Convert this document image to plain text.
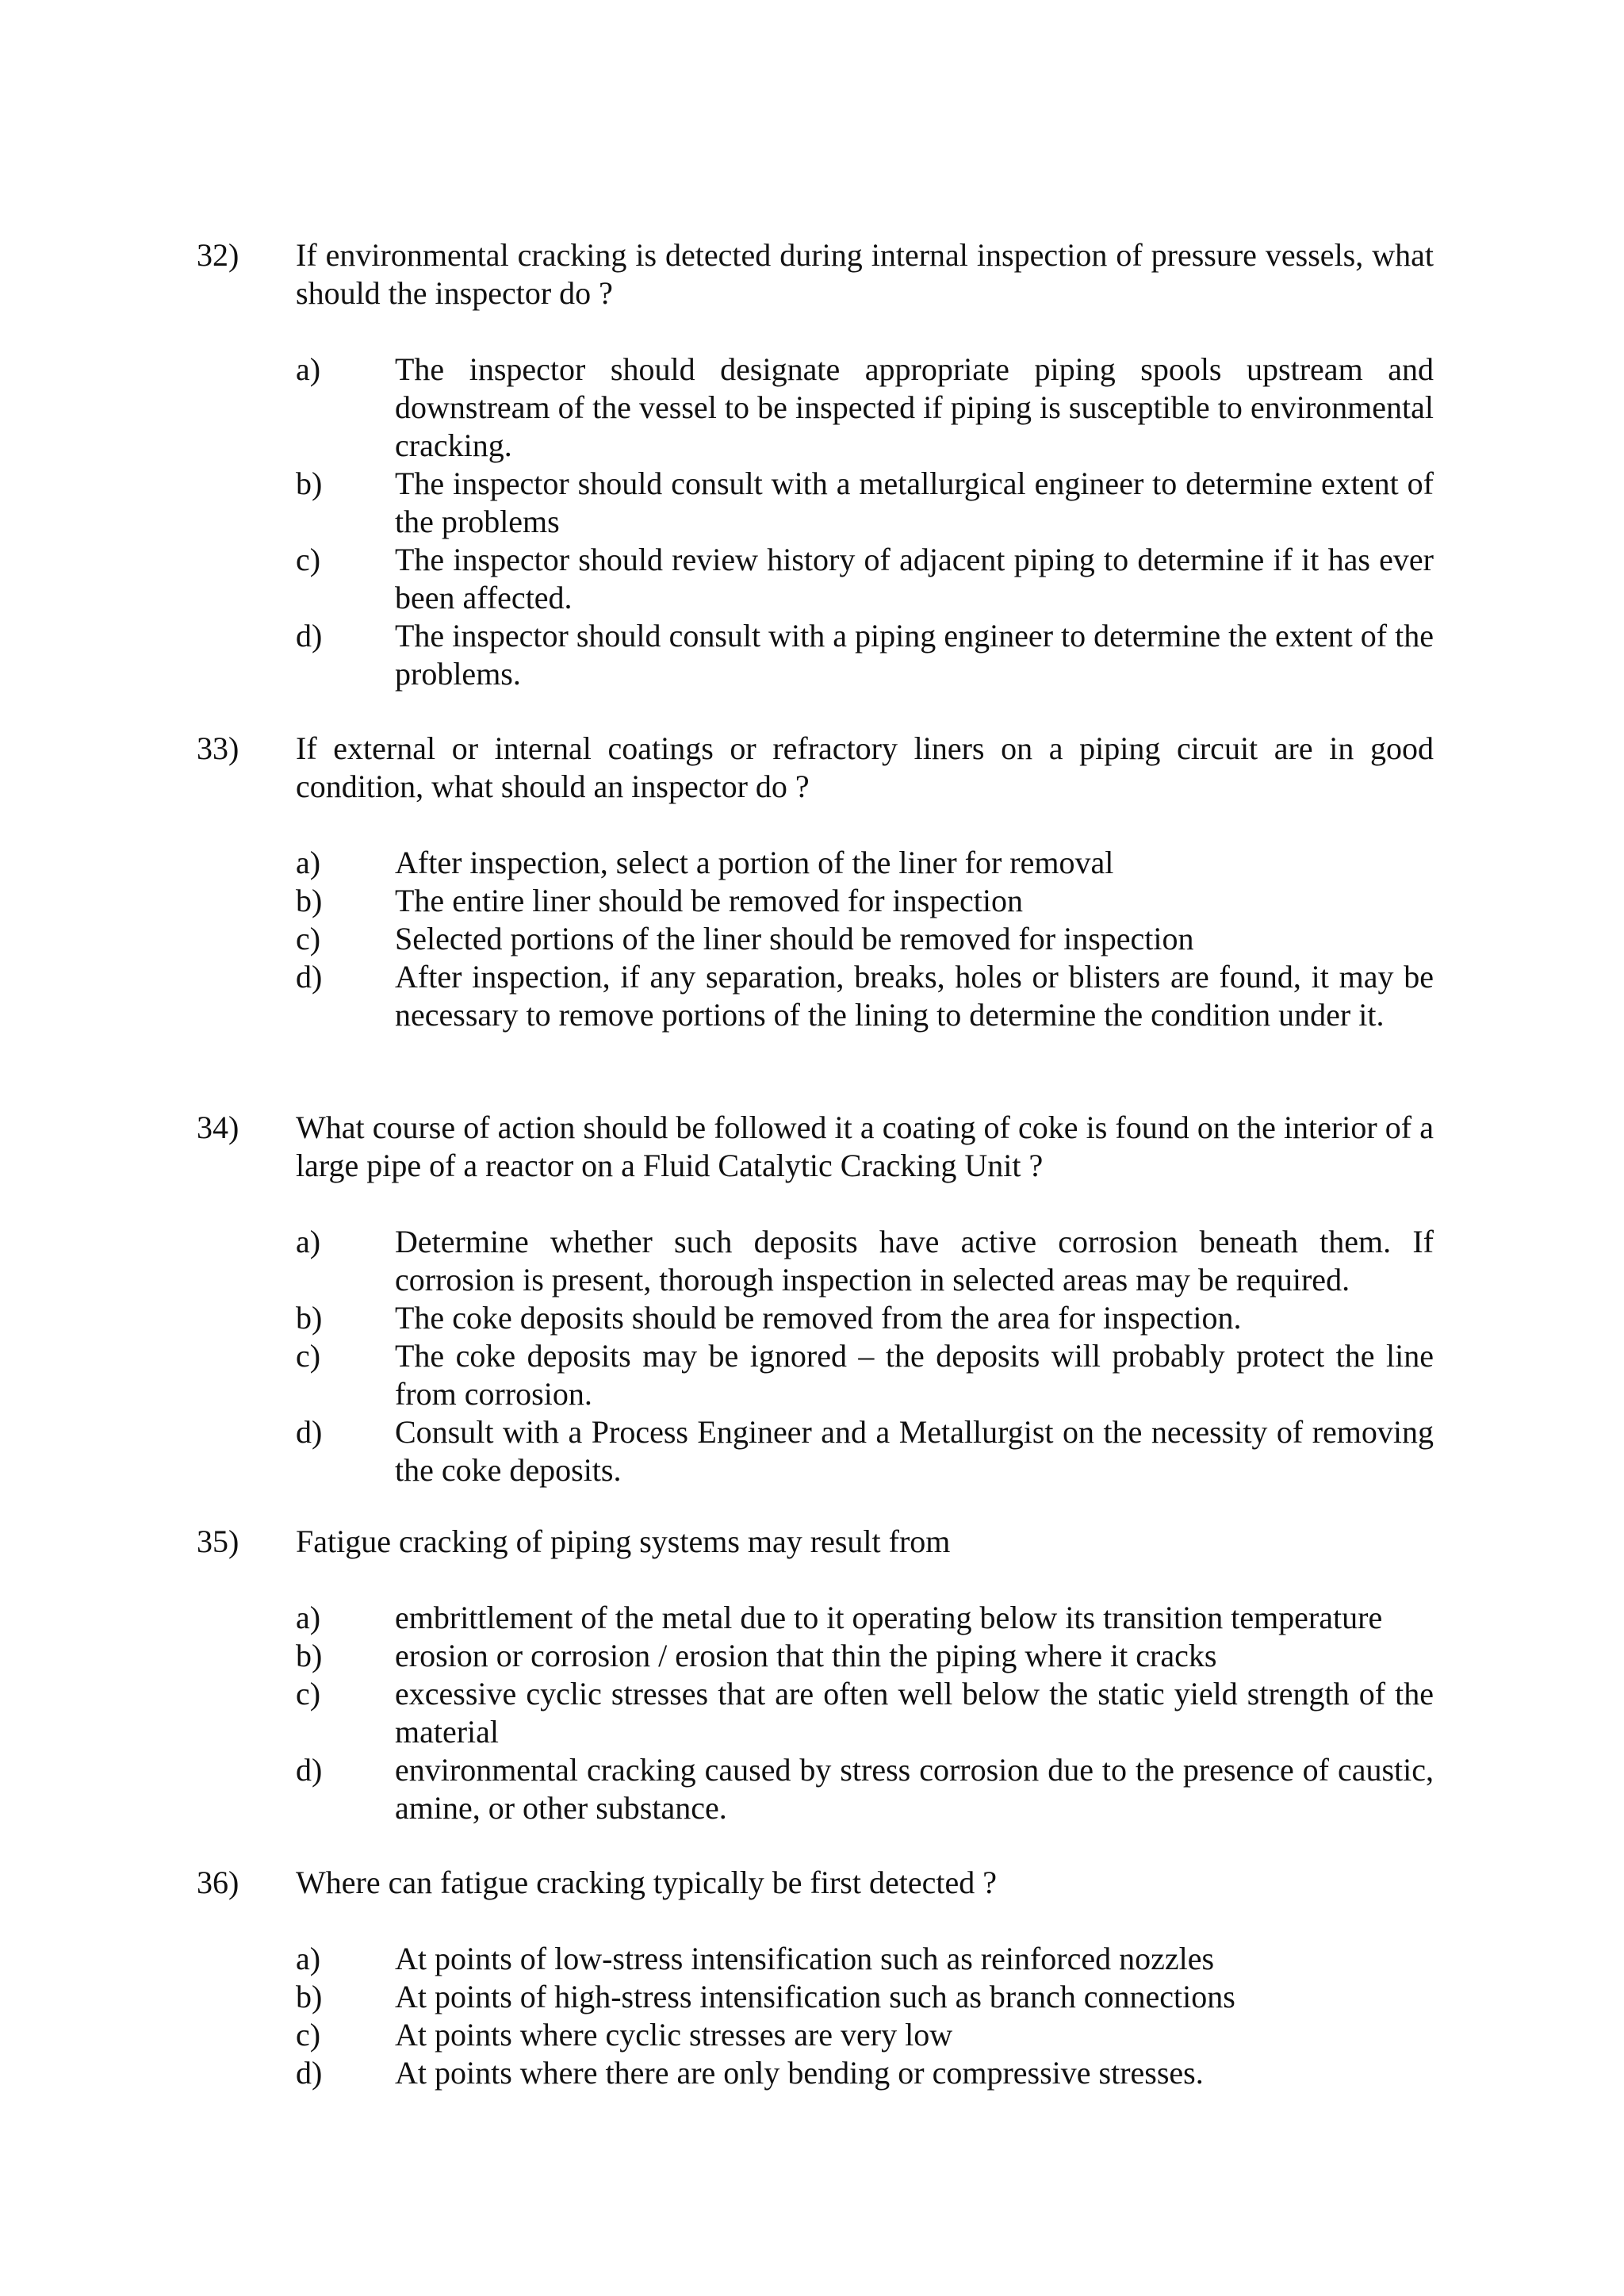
32) If environmental cracking is detected during internal inspection of pressure vessels, what should the inspector do ?
a) The inspector should designate appropriate piping spools upstream and downstream of the vessel to be inspected if piping is susceptible to environmental cracking.
b) The inspector should consult with a metallurgical engineer to determine extent of the problems
c) The inspector should review history of adjacent piping to determine if it has ever been affected.
d) The inspector should consult with a piping engineer to determine the extent of the problems.
33) If external or internal coatings or refractory liners on a piping circuit are in good condition, what should an inspector do ?
a) After inspection, select a portion of the liner for removal
b) The entire liner should be removed for inspection
c) Selected portions of the liner should be removed for inspection
d) After inspection, if any separation, breaks, holes or blisters are found, it may be necessary to remove portions of the lining to determine the condition under it.
34) What course of action should be followed it a coating of coke is found on the interior of a large pipe of a reactor on a Fluid Catalytic Cracking Unit ?
a) Determine whether such deposits have active corrosion beneath them. If corrosion is present, thorough inspection in selected areas may be required.
b) The coke deposits should be removed from the area for inspection.
c) The coke deposits may be ignored – the deposits will probably protect the line from corrosion.
d) Consult with a Process Engineer and a Metallurgist on the necessity of removing the coke deposits.
35) Fatigue cracking of piping systems may result from
a) embrittlement of the metal due to it operating below its transition temperature
b) erosion or corrosion / erosion that thin the piping where it cracks
c) excessive cyclic stresses that are often well below the static yield strength of the material
d) environmental cracking caused by stress corrosion due to the presence of caustic, amine, or other substance.
36) Where can fatigue cracking typically be first detected ?
a) At points of low-stress intensification such as reinforced nozzles
b) At points of high-stress intensification such as branch connections
c) At points where cyclic stresses are very low
d) At points where there are only bending or compressive stresses.
